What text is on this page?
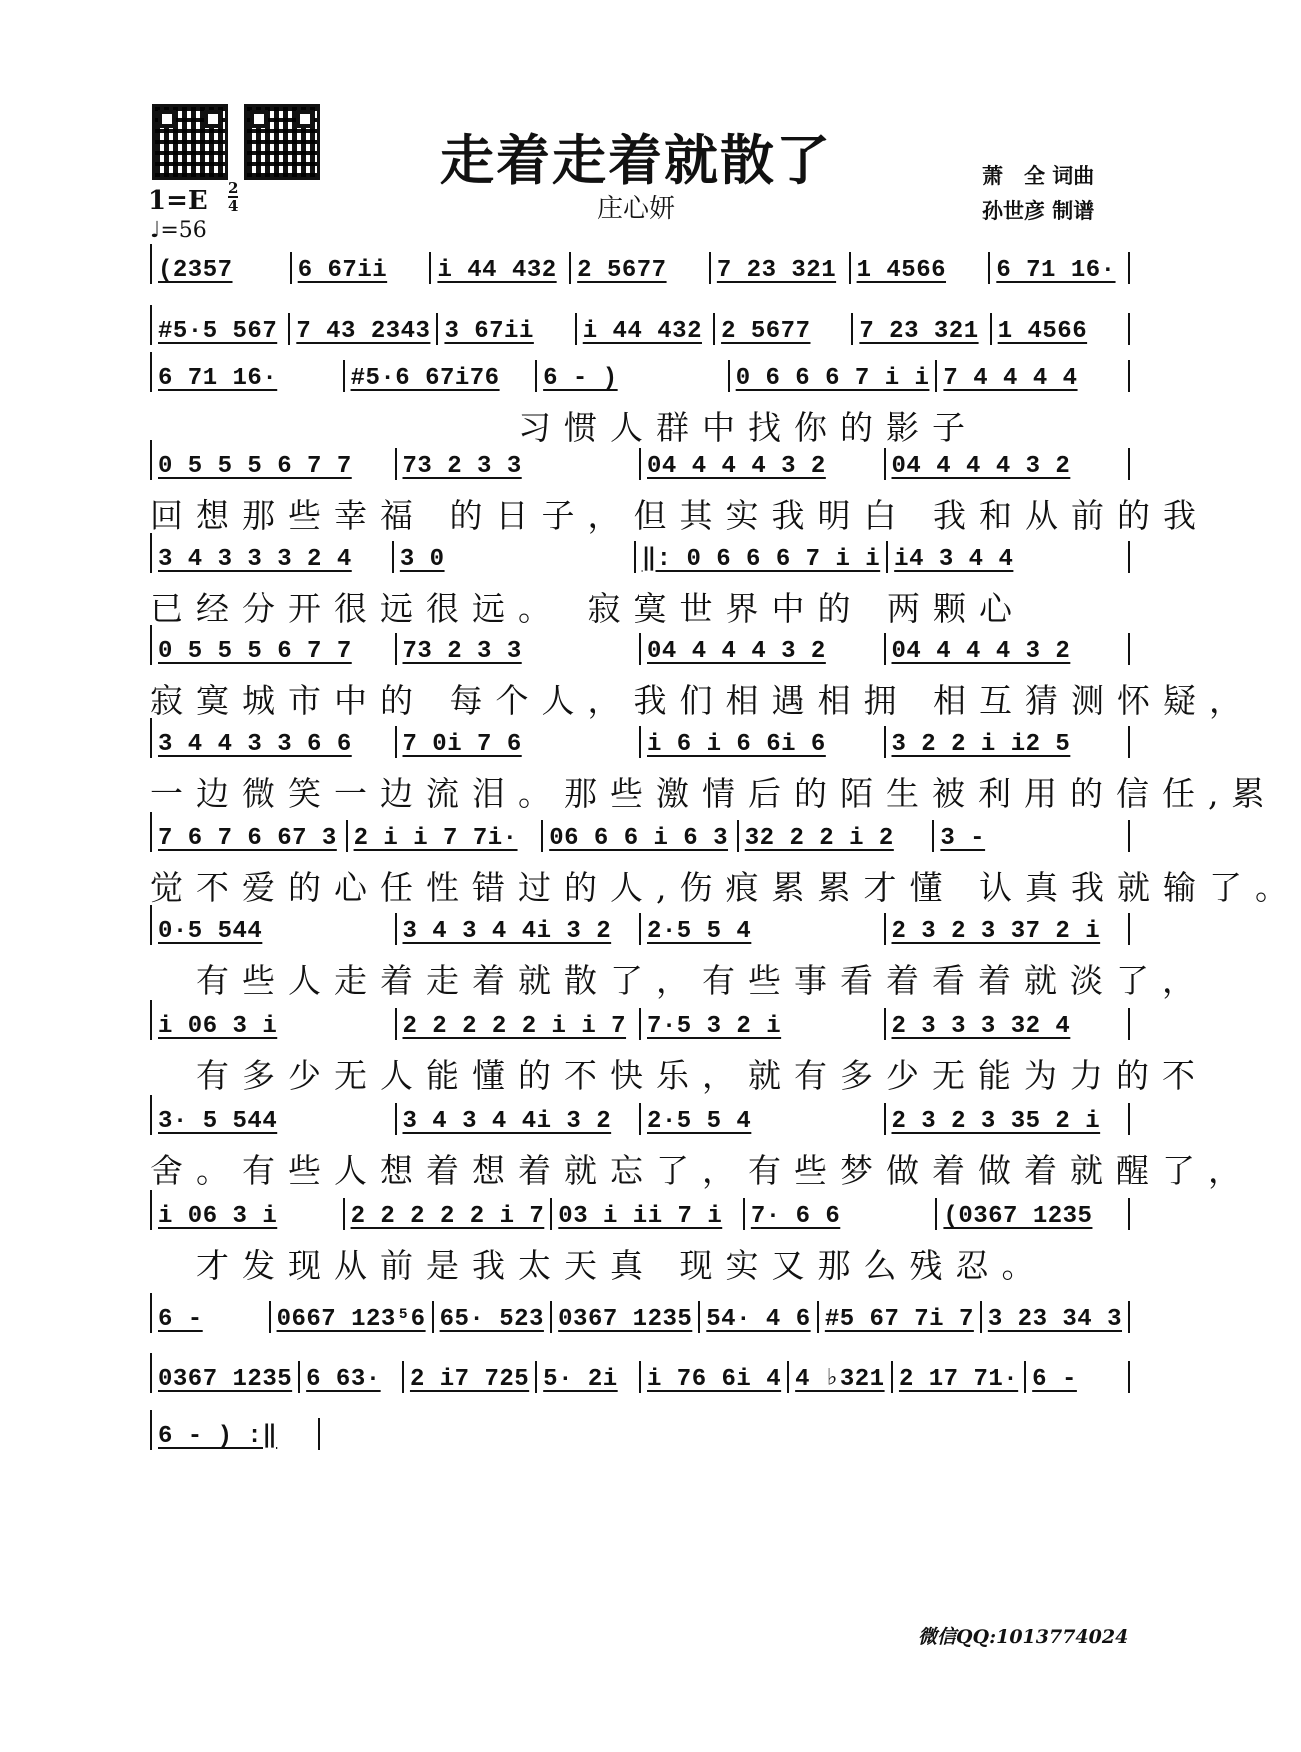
走着走着就散了
庄心妍
1=E 2
4
♩=56
萧　全 词曲
孙世彦 制谱
(2357	6 67ii	i 44 432 2 5677	7 23 321 1 4566	6 71 16·
#5·5 567 7 43 2343 3 67ii	i 44 432 2 5677	7 23 321 1 4566
6 71 16·	#5·6 67i76	6 - )	0 6 6 6 7 i i 7 4 4 4 4
　　　　　　　　习惯人群中找你的影子
0 5 5 5 6 7 7	73 2 3 3	04 4 4 4 3 2	04 4 4 4 3 2
回想那些幸福 的日子，但其实我明白 我和从前的我
3 4 3 3 3 2 4	3 0	‖: 0 6 6 6 7 i i i4 3 4 4
已经分开很远很远。 寂寞世界中的 两颗心
0 5 5 5 6 7 7	73 2 3 3	04 4 4 4 3 2	04 4 4 4 3 2
寂寞城市中的 每个人，我们相遇相拥 相互猜测怀疑，
3 4 4 3 3 6 6	7 0i 7 6	i 6 i 6 6i 6	3 2 2 i i2 5
一边微笑一边流泪。那些激情后的陌生被利用的信任,累
7 6 7 6 67 3 2 i i 7 7i·	06 6 6 i 6 3 32 2 2 i 2	3 -
觉不爱的心任性错过的人,伤痕累累才懂 认真我就输了。
0·5 544	3 4 3 4 4i 3 2	2·5 5 4	2 3 2 3 37 2 i
　有些人走着走着就散了，有些事看着看着就淡了，
i 06 3 i	2 2 2 2 2 i i 7 7·5 3 2 i	2 3 3 3 32 4
　有多少无人能懂的不快乐，就有多少无能为力的不
3· 5 544	3 4 3 4 4i 3 2	2·5 5 4	2 3 2 3 35 2 i
舍。有些人想着想着就忘了，有些梦做着做着就醒了，
i 06 3 i	2 2 2 2 2 i 7 03 i ii 7 i	7· 6 6	(0367 1235
　才发现从前是我太天真 现实又那么残忍。
6 -	0667 123⁵6 65· 523 0367 1235 54· 4 6 #5 67 7i 7 3 23 34 3
0367 1235 6 63·	2 i7 725 5· 2i	i 76 6i 4 4 ♭321 2 17 71· 6 -
6 - ) :‖
微信QQ:1013774024
